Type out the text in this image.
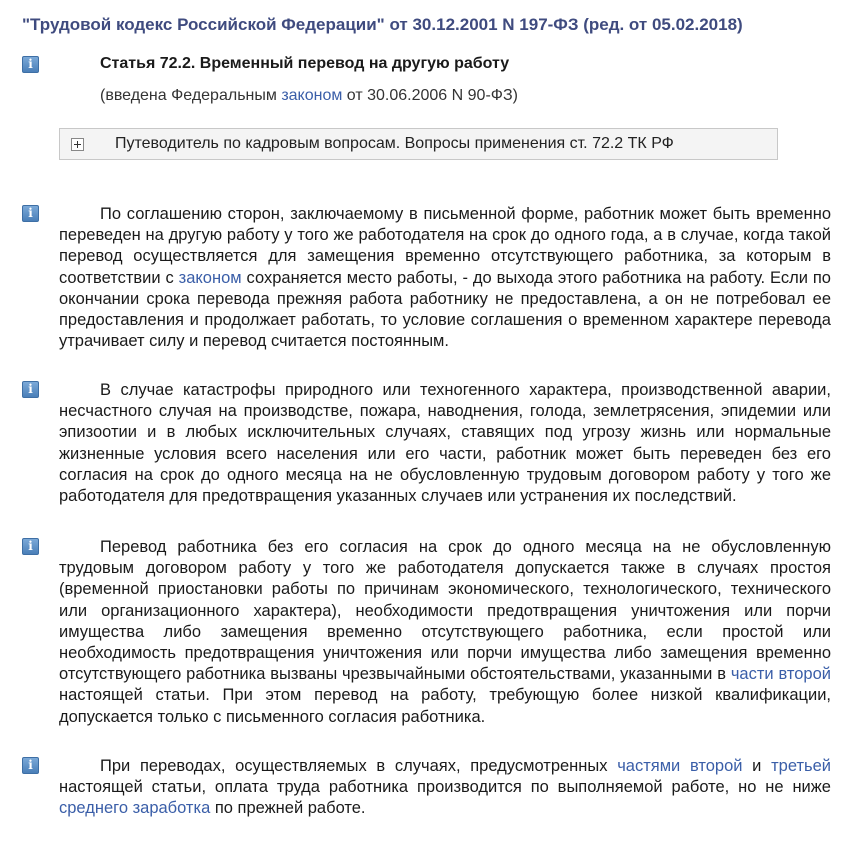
"Трудовой кодекс Российской Федерации" от 30.12.2001 N 197-ФЗ (ред. от 05.02.2018)
i	Статья 72.2. Временный перевод на другую работу
(введена Федеральным законом от 30.06.2006 N 90-ФЗ)
Путеводитель по кадровым вопросам. Вопросы применения ст. 72.2 ТК РФ
i	По соглашению сторон, заключаемому в письменной форме, работник может быть временно переведен на другую работу у того же работодателя на срок до одного года, а в случае, когда такой перевод осуществляется для замещения временно отсутствующего работника, за которым в соответствии с законом сохраняется место работы, - до выхода этого работника на работу. Если по окончании срока перевода прежняя работа работнику не предоставлена, а он не потребовал ее предоставления и продолжает работать, то условие соглашения о временном характере перевода утрачивает силу и перевод считается постоянным.

i	В случае катастрофы природного или техногенного характера, производственной аварии, несчастного случая на производстве, пожара, наводнения, голода, землетрясения, эпидемии или эпизоотии и в любых исключительных случаях, ставящих под угрозу жизнь или нормальные жизненные условия всего населения или его части, работник может быть переведен без его согласия на срок до одного месяца на не обусловленную трудовым договором работу у того же работодателя для предотвращения указанных случаев или устранения их последствий.

i	Перевод работника без его согласия на срок до одного месяца на не обусловленную трудовым договором работу у того же работодателя допускается также в случаях простоя (временной приостановки работы по причинам экономического, технологического, технического или организационного характера), необходимости предотвращения уничтожения или порчи имущества либо замещения временно отсутствующего работника, если простой или необходимость предотвращения уничтожения или порчи имущества либо замещения временно отсутствующего работника вызваны чрезвычайными обстоятельствами, указанными в части второй настоящей статьи. При этом перевод на работу, требующую более низкой квалификации, допускается только с письменного согласия работника.

i	При переводах, осуществляемых в случаях, предусмотренных частями второй и третьей настоящей статьи, оплата труда работника производится по выполняемой работе, но не ниже среднего заработка по прежней работе.
